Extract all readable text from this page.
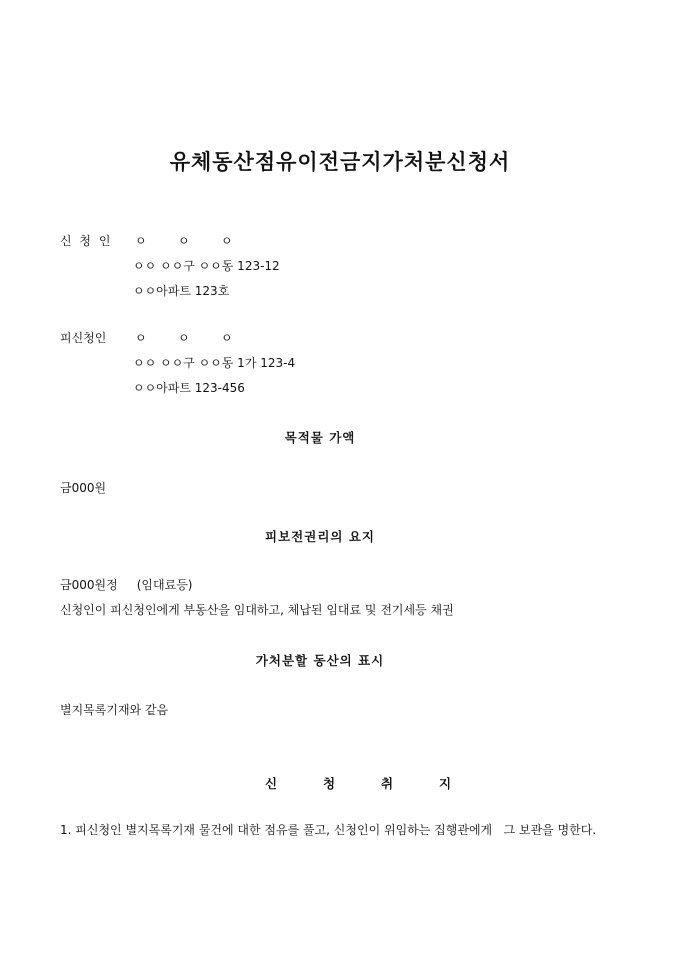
유체동산점유이전금지가처분신청서
신 청 인 ㅇ	ㅇ	ㅇ
ㅇㅇ ㅇㅇ구 ㅇㅇ동 123-12
ㅇㅇ아파트 123호
피신청인 ㅇ	ㅇ	ㅇ
ㅇㅇ ㅇㅇ구 ㅇㅇ동 1가 123-4
ㅇㅇ아파트 123-456
목적물 가액
금000원
피보전권리의 요지
금000원정     (임대료등)
신청인이 피신청인에게 부동산을 임대하고, 체납된 임대료 및 전기세등 채권
가처분할 동산의 표시
별지목록기재와 같음
신	청	취	지
1. 피신청인 별지목록기재 물건에 대한 점유를 풀고, 신청인이 위임하는 집행관에게   그 보관을 명한다.
